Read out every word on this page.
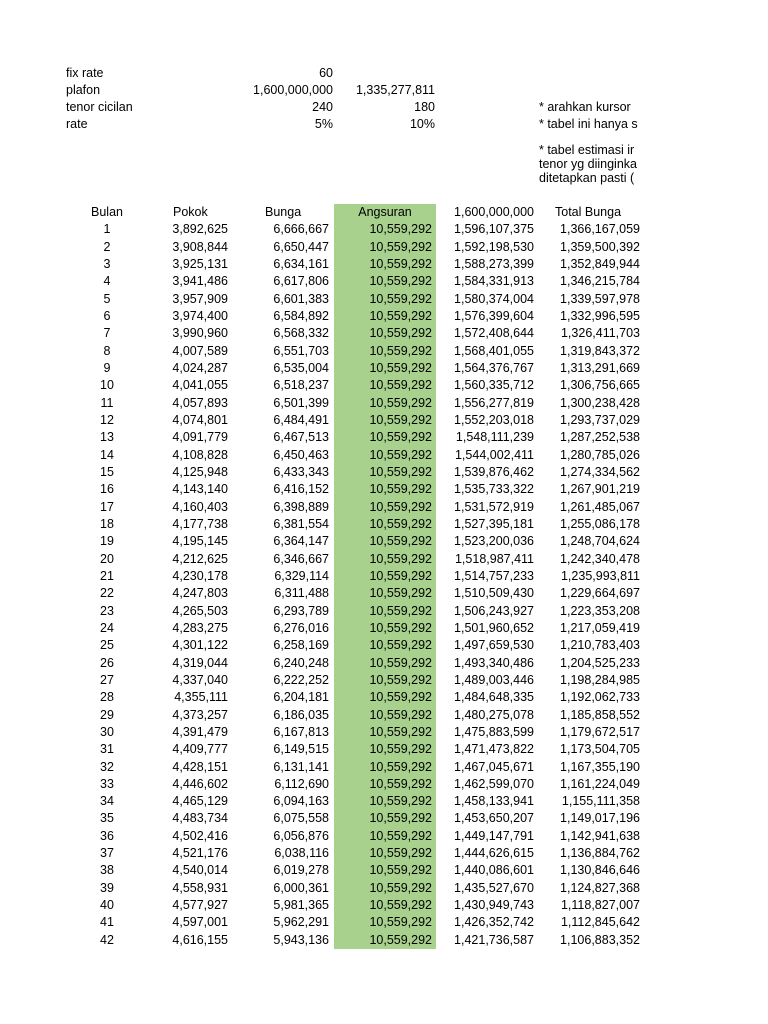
fix rate	60
plafon	1,600,000,000	1,335,277,811
tenor cicilan	240	180	* arahkan kursor
rate	5%	10%	* tabel ini hanya s
* tabel estimasi ir
tenor yg diinginka
ditetapkan pasti (
Bulan	Pokok	Bunga	Angsuran	1,600,000,000	Total Bunga
1	3,892,625	6,666,667	10,559,292	1,596,107,375	1,366,167,059
2	3,908,844	6,650,447	10,559,292	1,592,198,530	1,359,500,392
3	3,925,131	6,634,161	10,559,292	1,588,273,399	1,352,849,944
4	3,941,486	6,617,806	10,559,292	1,584,331,913	1,346,215,784
5	3,957,909	6,601,383	10,559,292	1,580,374,004	1,339,597,978
6	3,974,400	6,584,892	10,559,292	1,576,399,604	1,332,996,595
7	3,990,960	6,568,332	10,559,292	1,572,408,644	1,326,411,703
8	4,007,589	6,551,703	10,559,292	1,568,401,055	1,319,843,372
9	4,024,287	6,535,004	10,559,292	1,564,376,767	1,313,291,669
10	4,041,055	6,518,237	10,559,292	1,560,335,712	1,306,756,665
11	4,057,893	6,501,399	10,559,292	1,556,277,819	1,300,238,428
12	4,074,801	6,484,491	10,559,292	1,552,203,018	1,293,737,029
13	4,091,779	6,467,513	10,559,292	1,548,111,239	1,287,252,538
14	4,108,828	6,450,463	10,559,292	1,544,002,411	1,280,785,026
15	4,125,948	6,433,343	10,559,292	1,539,876,462	1,274,334,562
16	4,143,140	6,416,152	10,559,292	1,535,733,322	1,267,901,219
17	4,160,403	6,398,889	10,559,292	1,531,572,919	1,261,485,067
18	4,177,738	6,381,554	10,559,292	1,527,395,181	1,255,086,178
19	4,195,145	6,364,147	10,559,292	1,523,200,036	1,248,704,624
20	4,212,625	6,346,667	10,559,292	1,518,987,411	1,242,340,478
21	4,230,178	6,329,114	10,559,292	1,514,757,233	1,235,993,811
22	4,247,803	6,311,488	10,559,292	1,510,509,430	1,229,664,697
23	4,265,503	6,293,789	10,559,292	1,506,243,927	1,223,353,208
24	4,283,275	6,276,016	10,559,292	1,501,960,652	1,217,059,419
25	4,301,122	6,258,169	10,559,292	1,497,659,530	1,210,783,403
26	4,319,044	6,240,248	10,559,292	1,493,340,486	1,204,525,233
27	4,337,040	6,222,252	10,559,292	1,489,003,446	1,198,284,985
28	4,355,111	6,204,181	10,559,292	1,484,648,335	1,192,062,733
29	4,373,257	6,186,035	10,559,292	1,480,275,078	1,185,858,552
30	4,391,479	6,167,813	10,559,292	1,475,883,599	1,179,672,517
31	4,409,777	6,149,515	10,559,292	1,471,473,822	1,173,504,705
32	4,428,151	6,131,141	10,559,292	1,467,045,671	1,167,355,190
33	4,446,602	6,112,690	10,559,292	1,462,599,070	1,161,224,049
34	4,465,129	6,094,163	10,559,292	1,458,133,941	1,155,111,358
35	4,483,734	6,075,558	10,559,292	1,453,650,207	1,149,017,196
36	4,502,416	6,056,876	10,559,292	1,449,147,791	1,142,941,638
37	4,521,176	6,038,116	10,559,292	1,444,626,615	1,136,884,762
38	4,540,014	6,019,278	10,559,292	1,440,086,601	1,130,846,646
39	4,558,931	6,000,361	10,559,292	1,435,527,670	1,124,827,368
40	4,577,927	5,981,365	10,559,292	1,430,949,743	1,118,827,007
41	4,597,001	5,962,291	10,559,292	1,426,352,742	1,112,845,642
42	4,616,155	5,943,136	10,559,292	1,421,736,587	1,106,883,352
